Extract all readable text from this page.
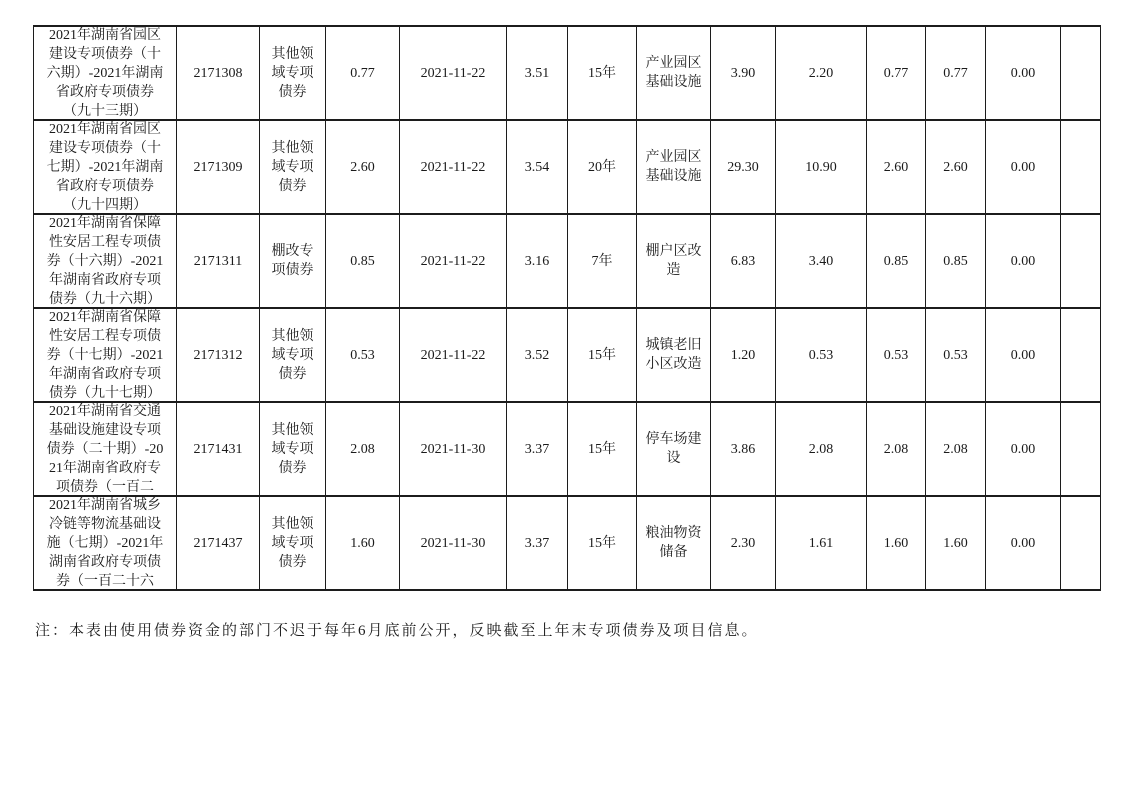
2021年湖南省园区建设专项债券（十六期）-2021年湖南省政府专项债券（九十三期）	2171308	其他领域专项债券	0.77	2021-11-22	3.51	15年	产业园区基础设施	3.90	2.20	0.77	0.77	0.00	

2021年湖南省园区建设专项债券（十七期）-2021年湖南省政府专项债券（九十四期）	2171309	其他领域专项债券	2.60	2021-11-22	3.54	20年	产业园区基础设施	29.30	10.90	2.60	2.60	0.00	

2021年湖南省保障性安居工程专项债券（十六期）-2021年湖南省政府专项债券（九十六期）	2171311	棚改专项债券	0.85	2021-11-22	3.16	7年	棚户区改造	6.83	3.40	0.85	0.85	0.00	

2021年湖南省保障性安居工程专项债券（十七期）-2021年湖南省政府专项债券（九十七期）	2171312	其他领域专项债券	0.53	2021-11-22	3.52	15年	城镇老旧小区改造	1.20	0.53	0.53	0.53	0.00	

2021年湖南省交通基础设施建设专项债券（二十期）-2021年湖南省政府专项债券（一百二	2171431	其他领域专项债券	2.08	2021-11-30	3.37	15年	停车场建设	3.86	2.08	2.08	2.08	0.00	

2021年湖南省城乡冷链等物流基础设施（七期）-2021年湖南省政府专项债券（一百二十六	2171437	其他领域专项债券	1.60	2021-11-30	3.37	15年	粮油物资储备	2.30	1.61	1.60	1.60	0.00	

注：本表由使用债券资金的部门不迟于每年6月底前公开，反映截至上年末专项债券及项目信息。
